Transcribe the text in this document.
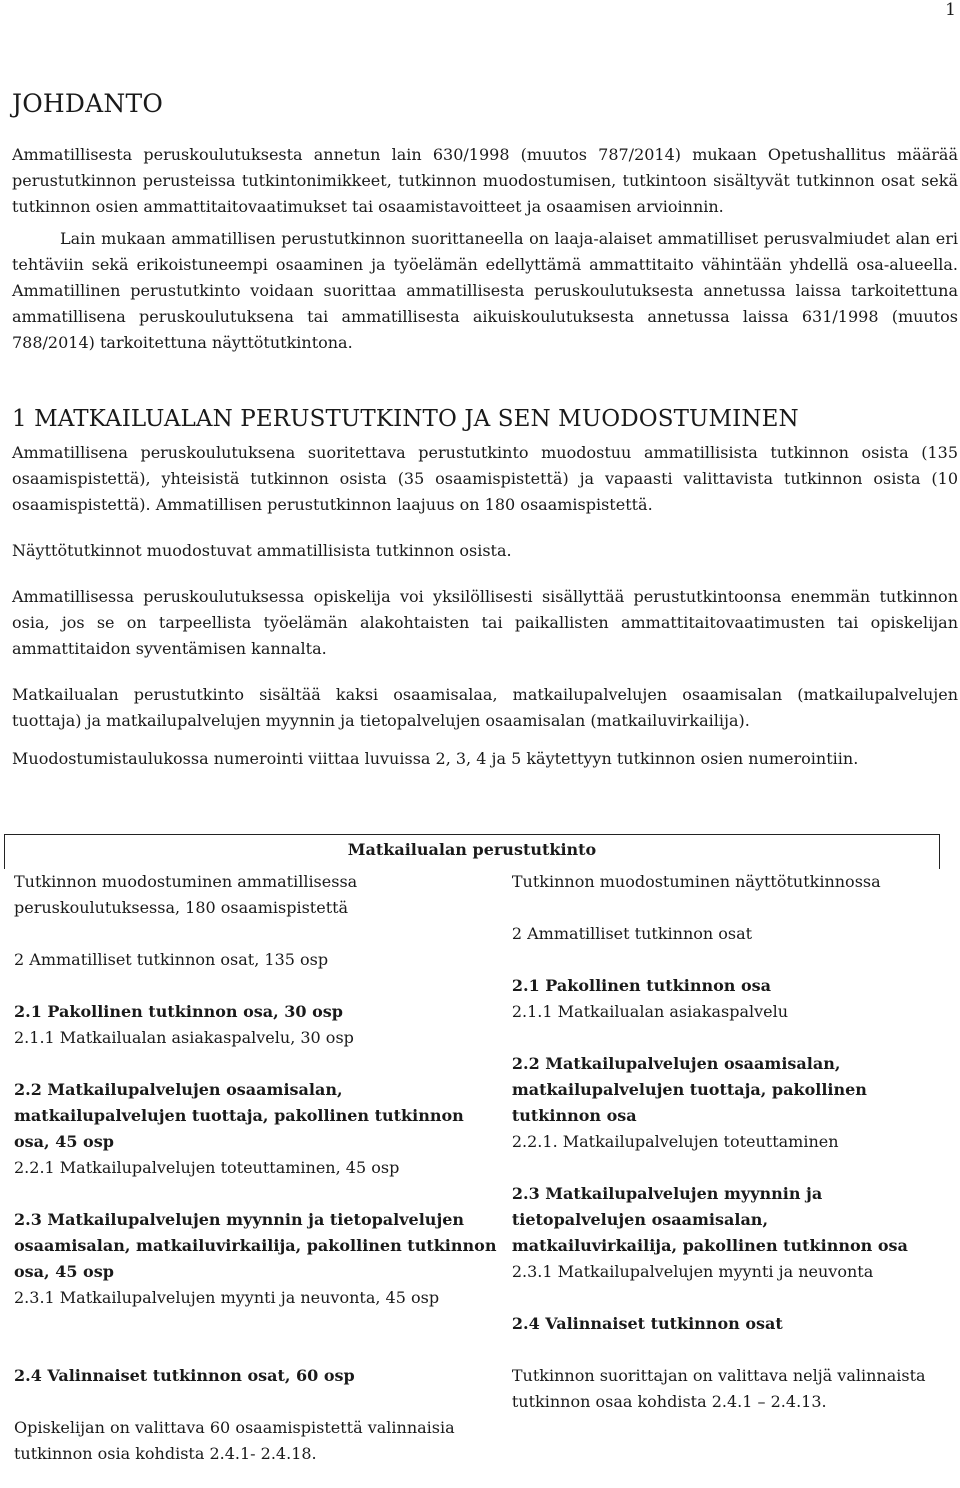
1
JOHDANTO

Ammatillisesta peruskoulutuksesta annetun lain 630/1998 (muutos 787/2014) mukaan Opetushallitus määrää perustutkinnon perusteissa tutkintonimikkeet, tutkinnon muodostumisen, tutkintoon sisältyvät tutkinnon osat sekä tutkinnon osien ammattitaitovaatimukset tai osaamistavoitteet ja osaamisen arvioinnin.

Lain mukaan ammatillisen perustutkinnon suorittaneella on laaja-alaiset ammatilliset perusvalmiudet alan eri tehtäviin sekä erikoistuneempi osaaminen ja työelämän edellyttämä ammattitaito vähintään yhdellä osa-alueella. Ammatillinen perustutkinto voidaan suorittaa ammatillisesta peruskoulutuksesta annetussa laissa tarkoitettuna ammatillisena peruskoulutuksena tai ammatillisesta aikuiskoulutuksesta annetussa laissa 631/1998 (muutos 788/2014) tarkoitettuna näyttötutkintona.

1 MATKAILUALAN PERUSTUTKINTO JA SEN MUODOSTUMINEN

Ammatillisena peruskoulutuksena suoritettava perustutkinto muodostuu ammatillisista tutkinnon osista (135 osaamispistettä), yhteisistä tutkinnon osista (35 osaamispistettä) ja vapaasti valittavista tutkinnon osista (10 osaamispistettä). Ammatillisen perustutkinnon laajuus on 180 osaamispistettä.

Näyttötutkinnot muodostuvat ammatillisista tutkinnon osista.

Ammatillisessa peruskoulutuksessa opiskelija voi yksilöllisesti sisällyttää perustutkintoonsa enemmän tutkinnon osia, jos se on tarpeellista työelämän alakohtaisten tai paikallisten ammattitaitovaatimusten tai opiskelijan ammattitaidon syventämisen kannalta.

Matkailualan perustutkinto sisältää kaksi osaamisalaa, matkailupalvelujen osaamisalan (matkailupalvelujen tuottaja) ja matkailupalvelujen myynnin ja tietopalvelujen osaamisalan (matkailuvirkailija).

Muodostumistaulukossa numerointi viittaa luvuissa 2, 3, 4 ja 5 käytettyyn tutkinnon osien numerointiin.

Matkailualan perustutkinto
Tutkinnon muodostuminen ammatillisessa peruskoulutuksessa, 180 osaamispistettä
2 Ammatilliset tutkinnon osat, 135 osp
2.1 Pakollinen tutkinnon osa, 30 osp
2.1.1 Matkailualan asiakaspalvelu, 30 osp
2.2 Matkailupalvelujen osaamisalan, matkailupalvelujen tuottaja, pakollinen tutkinnon osa, 45 osp
2.2.1 Matkailupalvelujen toteuttaminen, 45 osp
2.3 Matkailupalvelujen myynnin ja tietopalvelujen osaamisalan, matkailuvirkailija, pakollinen tutkinnon osa, 45 osp
2.3.1 Matkailupalvelujen myynti ja neuvonta, 45 osp
2.4 Valinnaiset tutkinnon osat, 60 osp
Opiskelijan on valittava 60 osaamispistettä valinnaisia tutkinnon osia kohdista 2.4.1- 2.4.18.
Tutkinnon muodostuminen näyttötutkinnossa
2 Ammatilliset tutkinnon osat
2.1 Pakollinen tutkinnon osa
2.1.1 Matkailualan asiakaspalvelu
2.2 Matkailupalvelujen osaamisalan, matkailupalvelujen tuottaja, pakollinen tutkinnon osa
2.2.1. Matkailupalvelujen toteuttaminen
2.3 Matkailupalvelujen myynnin ja tietopalvelujen osaamisalan, matkailuvirkailija, pakollinen tutkinnon osa
2.3.1 Matkailupalvelujen myynti ja neuvonta
2.4 Valinnaiset tutkinnon osat
Tutkinnon suorittajan on valittava neljä valinnaista tutkinnon osaa kohdista 2.4.1 – 2.4.13.
